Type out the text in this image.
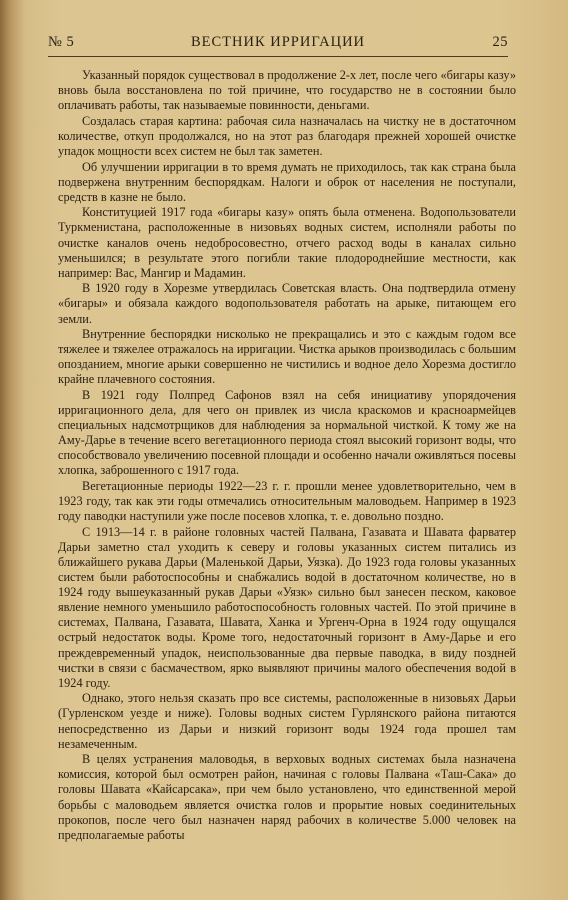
№ 5	ВЕСТНИК ИРРИГАЦИИ	25

Указанный порядок существовал в продолжение 2-х лет, после чего «бигары казу» вновь была восстановлена по той причине, что государство не в состоянии было оплачивать работы, так называемые повинности, деньгами.

Создалась старая картина: рабочая сила назначалась на чистку не в достаточном количестве, откуп продолжался, но на этот раз благодаря прежней хорошей очистке упадок мощности всех систем не был так заметен.

Об улучшении ирригации в то время думать не приходилось, так как страна была подвержена внутренним беспорядкам. Налоги и оброк от населения не поступали, средств в казне не было.

Конституцией 1917 года «бигары казу» опять была отменена. Водопользователи Туркменистана, расположенные в низовьях водных систем, исполняли работы по очистке каналов очень недобросовестно, отчего расход воды в каналах сильно уменьшился; в результате этого погибли такие плодороднейшие местности, как например: Вас, Мангир и Мадамин.

В 1920 году в Хорезме утвердилась Советская власть. Она подтвердила отмену «бигары» и обязала каждого водопользователя работать на арыке, питающем его земли.

Внутренние беспорядки нисколько не прекращались и это с каждым годом все тяжелее и тяжелее отражалось на ирригации. Чистка арыков производилась с большим опозданием, многие арыки совершенно не чистились и водное дело Хорезма достигло крайне плачевного состояния.

В 1921 году Полпред Сафонов взял на себя инициативу упорядочения ирригационного дела, для чего он привлек из числа краскомов и красноармейцев специальных надсмотрщиков для наблюдения за нормальной чисткой. К тому же на Аму-Дарье в течение всего вегетационного периода стоял высокий горизонт воды, что способствовало увеличению посевной площади и особенно начали оживляться посевы хлопка, заброшенного с 1917 года.

Вегетационные периоды 1922—23 г. г. прошли менее удовлетворительно, чем в 1923 году, так как эти годы отмечались относительным маловодьем. Например в 1923 году паводки наступили уже после посевов хлопка, т. е. довольно поздно.

С 1913—14 г. в районе головных частей Палвана, Газавата и Шавата фарватер Дарьи заметно стал уходить к северу и головы указанных систем питались из ближайшего рукава Дарьи (Маленькой Дарьи, Уязка). До 1923 года головы указанных систем были работоспособны и снабжались водой в достаточном количестве, но в 1924 году вышеуказанный рукав Дарьи «Уязк» сильно был занесен песком, каковое явление немного уменьшило работоспособность головных частей. По этой причине в системах, Палвана, Газавата, Шавата, Ханка и Ургенч-Орна в 1924 году ощущался острый недостаток воды. Кроме того, недостаточный горизонт в Аму-Дарье и его преждевременный упадок, неиспользованные два первые паводка, в виду поздней чистки в связи с басмачеством, ярко выявляют причины малого обеспечения водой в 1924 году.

Однако, этого нельзя сказать про все системы, расположенные в низовьях Дарьи (Гурленском уезде и ниже). Головы водных систем Гурлянского района питаются непосредственно из Дарьи и низкий горизонт воды 1924 года прошел там незамеченным.

В целях устранения маловодья, в верховых водных системах была назначена комиссия, которой был осмотрен район, начиная с головы Палвана «Таш-Сака» до головы Шавата «Кайсарсака», при чем было установлено, что единственной мерой борьбы с маловодьем является очистка голов и прорытие новых соединительных прокопов, после чего был назначен наряд рабочих в количестве 5.000 человек на предполагаемые работы
